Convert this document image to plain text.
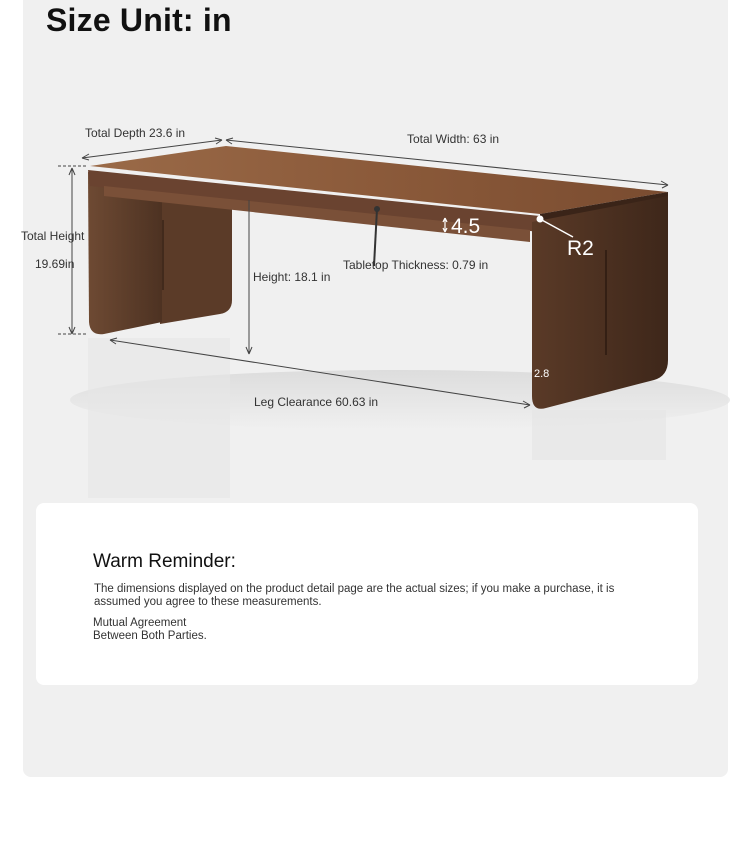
Size Unit: in
Total Depth 23.6 in	Total Width: 63 in
Total Height
19.69in
Height: 18.1 in
Tabletop Thickness: 0.79 in
Leg Clearance 60.63 in
4.5
R2
2.8
Warm Reminder:

The dimensions displayed on the product detail page are the actual sizes; if you make a purchase, it is assumed you agree to these measurements.

Mutual Agreement
Between Both Parties.
